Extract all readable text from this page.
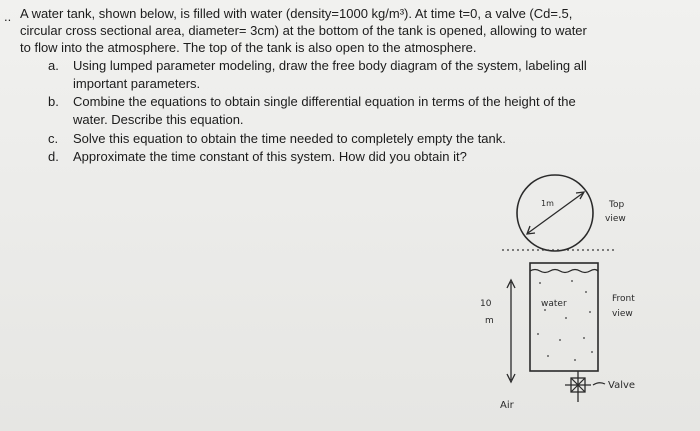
.. A water tank, shown below, is filled with water (density=1000 kg/m³). At time t=0, a valve (Cd=.5,
circular cross sectional area, diameter= 3cm) at the bottom of the tank is opened, allowing to water
to flow into the atmosphere. The top of the tank is also open to the atmosphere.
a. Using lumped parameter modeling, draw the free body diagram of the system, labeling all
important parameters.
b. Combine the equations to obtain single differential equation in terms of the height of the
water. Describe this equation.
c. Solve this equation to obtain the time needed to completely empty the tank.
d. Approximate the time constant of this system. How did you obtain it?
1m	Top
view
water
10
m
Front
view
Valve
Air
